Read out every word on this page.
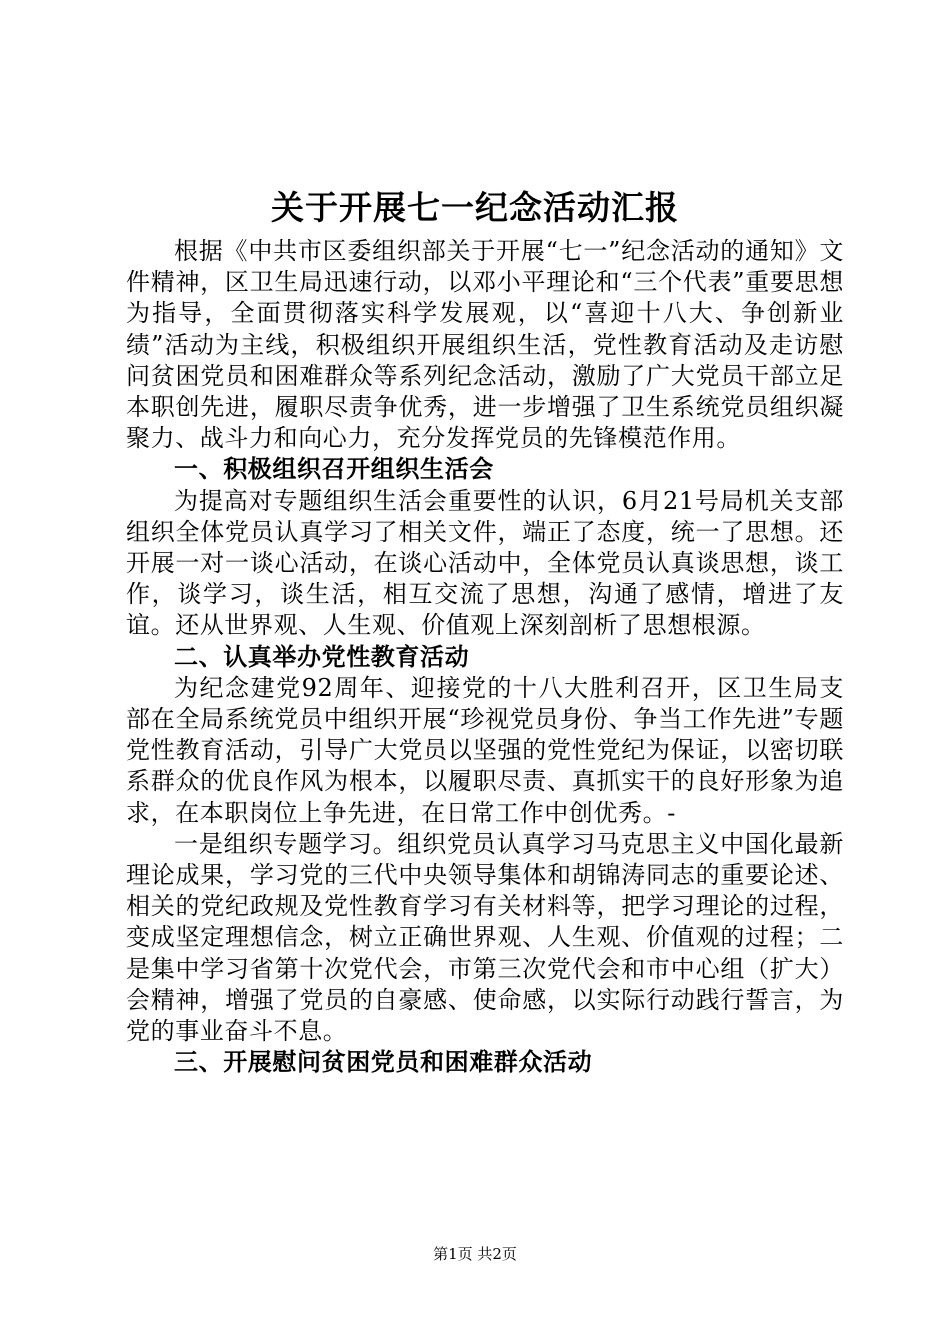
关于开展七一纪念活动汇报

根据《中共市区委组织部关于开展“七一”纪念活动的通知》文件精神，区卫生局迅速行动，以邓小平理论和“三个代表”重要思想为指导，全面贯彻落实科学发展观，以“喜迎十八大、争创新业绩”活动为主线，积极组织开展组织生活，党性教育活动及走访慰问贫困党员和困难群众等系列纪念活动，激励了广大党员干部立足本职创先进，履职尽责争优秀，进一步增强了卫生系统党员组织凝聚力、战斗力和向心力，充分发挥党员的先锋模范作用。

一、积极组织召开组织生活会

为提高对专题组织生活会重要性的认识，6月21号局机关支部组织全体党员认真学习了相关文件，端正了态度，统一了思想。还开展一对一谈心活动，在谈心活动中，全体党员认真谈思想，谈工作，谈学习，谈生活，相互交流了思想，沟通了感情，增进了友谊。还从世界观、人生观、价值观上深刻剖析了思想根源。

二、认真举办党性教育活动

为纪念建党92周年、迎接党的十八大胜利召开，区卫生局支部在全局系统党员中组织开展“珍视党员身份、争当工作先进”专题党性教育活动，引导广大党员以坚强的党性党纪为保证，以密切联系群众的优良作风为根本，以履职尽责、真抓实干的良好形象为追求，在本职岗位上争先进，在日常工作中创优秀。-

一是组织专题学习。组织党员认真学习马克思主义中国化最新理论成果，学习党的三代中央领导集体和胡锦涛同志的重要论述、相关的党纪政规及党性教育学习有关材料等，把学习理论的过程，变成坚定理想信念，树立正确世界观、人生观、价值观的过程；二是集中学习省第十次党代会，市第三次党代会和市中心组（扩大）会精神，增强了党员的自豪感、使命感，以实际行动践行誓言，为党的事业奋斗不息。

三、开展慰问贫困党员和困难群众活动

第1页 共2页
